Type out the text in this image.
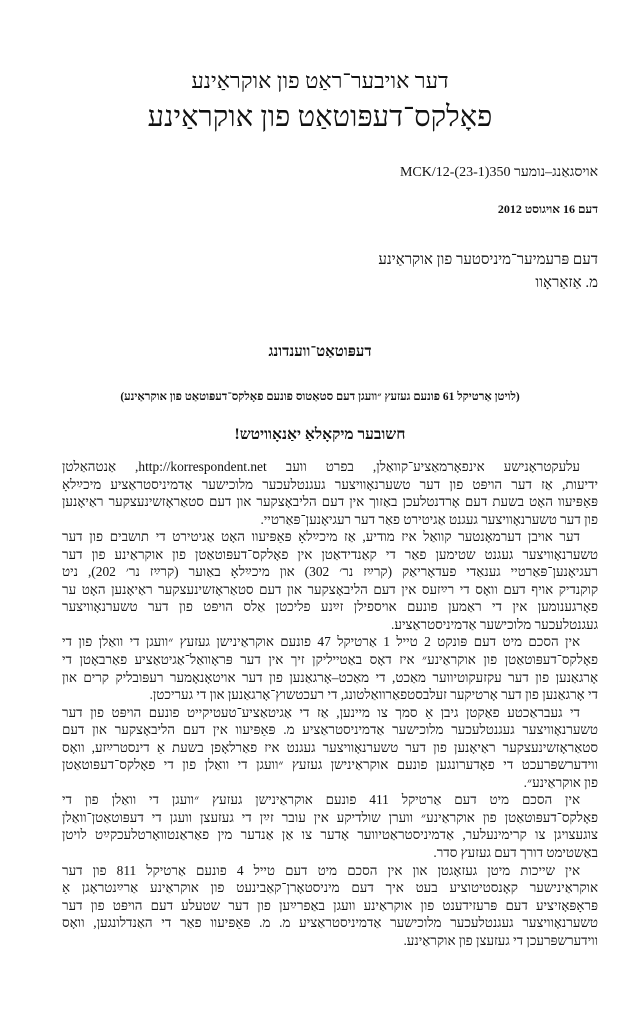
דער אויבער־ראַט פון אוקראַינע
פאָלקס־דעפּוטאַט פון אוקראַינע
אויסגאַנג–נומער 350(23-1)-12/MCK
דעם 16 אויגוסט 2012
דעם פּרעמיער־מיניסטער פון אוקראַינע
מ. אַזאַראָוו
דעפּוטאַט־ווענדונג
(לויטן אַרטיקל 61 פונעם געזעץ ״וועגן דעם סטאַטוס פונעם פאָלקס־דעפּוטאַט פון אוקראַינע)
חשובער מיקאָלאַ יאַנאָוויטש!
עלעקטראָנישע אינפאָרמאַציע־קוואַלן, בפרט וועב http://korrespondent.net, אַנטהאַלטן
ידיעות, אַז דער הויפּט פון דער טשערנאָוויצער געגנטלעכער מלוכישער אַדמיניסטראַציע מיכײַלאָ
פּאַפּיעוו האָט בשעת דעם אָרדנטלעכן באַזוך אין דעם הליבאָצקער און דעם סטאַראָזשינעצקער ראַיאָנען
פון דער טשערנאָוויצער געגנט אַגיטירט פאַר דער רעגיאָנען־פּאַרטיי.
דער אויבן דערמאָנטער קוואַל איז מודיע, אַז מיכײַלאָ פּאַפּיעוו האָט אַגיטירט די תושבים פון דער
טשערנאָוויצער געגנט שטימען פאַר די קאַנדידאַטן אין פאָלקס־דעפּוטאַטן פון אוקראַינע פון דער
רעגיאָנען־פּאַרטיי גענאַדי פעדאָריאַק (קרײַז נר׳ 302) און מיכײַלאָ באַוער (קרײַז נר׳ 202), ניט
קוקנדיק אויף דעם וואָס די רײַזעס אין דעם הליבאָצקער און דעם סטאַראָזשינעצקער ראַיאָנען האָט ער
פאָרגענומען אין די ראַמען פונעם אויספילן זײַנע פליכטן אַלס הויפּט פון דער טשערנאָוויצער
געגנטלעכער מלוכישער אַדמיניסטראַציע.
אין הסכם מיט דעם פּונקט 2 טייל 1 אַרטיקל 47 פונעם אוקראַינישן געזעץ ״וועגן די וואַלן פון די
פאָלקס־דעפּוטאַטן פון אוקראַינע״ איז דאָס באַטייליקן זיך אין דער פּראָוואַל־אַגיטאַציע פאַרבאָטן די
אָרגאַנען פון דער עקזעקוטיווער מאַכט, די מאַכט–אָרגאַנען פון דער אויטאָנאָמער רעפּובליק קרים און
די אָרגאַנען פון דער אָרטיקער זעלבסטפאַרוואַלטונג, די רעכטשוץ־אָרגאַנען און די געריכטן.
די געבראַכטע פאַקטן גיבן אַ סמך צו מיינען, אַז די אַגיטאַציע־טעטיקייט פונעם הויפּט פון דער
טשערנאָוויצער געגנטלעכער מלוכישער אַדמיניסטראַציע מ. פּאַפּיעוו אין דעם הליבאָצקער און דעם
סטאַראָזשינעצקער ראַיאָנען פון דער טשערנאָוויצער געגנט איז פאַרלאָפן בשעת אַ דינסטרײַזע, וואָס
ווידערשפּרעכט די פאָדערונגען פונעם אוקראַינישן געזעץ ״וועגן די וואַלן פון די פאָלקס־דעפּוטאַטן
פון אוקראַינע״.
אין הסכם מיט דעם אַרטיקל 411 פונעם אוקראַינישן געזעץ ״וועגן די וואַלן פון די
פאָלקס־דעפּוטאַטן פון אוקראַינע״ ווערן שולדיקע אין עובר זײַן די געזעצן וועגן די דעפּוטאַטן־וואַלן
צוגעצויגן צו קרימינעלער, אַדמיניסטראַטיווער אָדער צו אַן אַנדער מין פאַראַנטוואָרטלעכקײַט לויטן
באַשטימט דורך דעם געזעץ סדר.
אין שייכות מיטן געזאָגטן און אין הסכם מיט דעם טייל 4 פונעם אַרטיקל 811 פון דער
אוקראַינישער קאָנסטיטוציע בעט איך דעם מיניסטאָרן־קאַבינעט פון אוקראַינע אַרײַנטראָגן אַ
פּראָפּאָזיציע דעם פּרעזידענט פון אוקראַינע וועגן באַפרײַען פון דער שטעלע דעם הויפּט פון דער
טשערנאָוויצער געגנטלעכער מלוכישער אַדמיניסטראַציע מ. מ. פּאַפּיעוו פאַר די האַנדלונגען, וואָס
ווידערשפּרעכן די געזעצן פון אוקראַינע.
